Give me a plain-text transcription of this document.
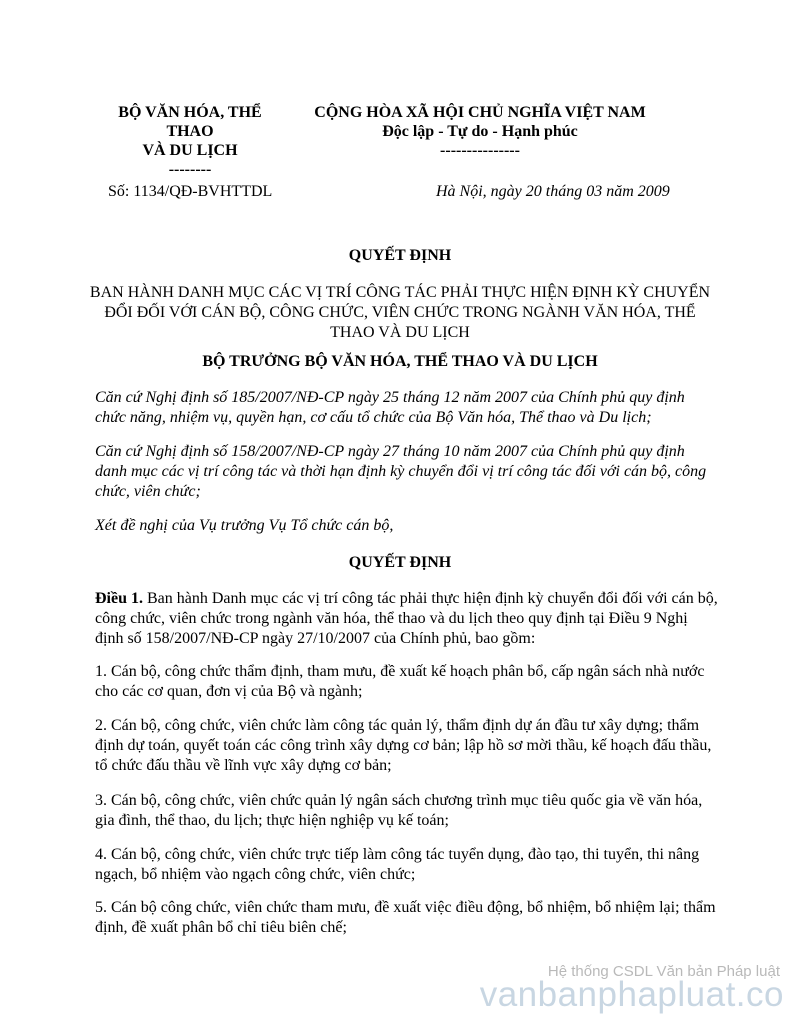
BỘ VĂN HÓA, THỂ
THAO
VÀ DU LỊCH
--------
CỘNG HÒA XÃ HỘI CHỦ NGHĨA VIỆT NAM
Độc lập - Tự do - Hạnh phúc
---------------
Số: 1134/QĐ-BVHTTDL	Hà Nội, ngày 20 tháng 03 năm 2009
QUYẾT ĐỊNH
BAN HÀNH DANH MỤC CÁC VỊ TRÍ CÔNG TÁC PHẢI THỰC HIỆN ĐỊNH KỲ CHUYỂN
ĐỔI ĐỐI VỚI CÁN BỘ, CÔNG CHỨC, VIÊN CHỨC TRONG NGÀNH VĂN HÓA, THỂ
THAO VÀ DU LỊCH
BỘ TRƯỞNG BỘ VĂN HÓA, THỂ THAO VÀ DU LỊCH
Căn cứ Nghị định số 185/2007/NĐ-CP ngày 25 tháng 12 năm 2007 của Chính phủ quy định
chức năng, nhiệm vụ, quyền hạn, cơ cấu tổ chức của Bộ Văn hóa, Thể thao và Du lịch;
Căn cứ Nghị định số 158/2007/NĐ-CP ngày 27 tháng 10 năm 2007 của Chính phủ quy định
danh mục các vị trí công tác và thời hạn định kỳ chuyển đổi vị trí công tác đối với cán bộ, công
chức, viên chức;
Xét đề nghị của Vụ trưởng Vụ Tổ chức cán bộ,
QUYẾT ĐỊNH
Điều 1. Ban hành Danh mục các vị trí công tác phải thực hiện định kỳ chuyển đổi đối với cán bộ,
công chức, viên chức trong ngành văn hóa, thể thao và du lịch theo quy định tại Điều 9 Nghị
định số 158/2007/NĐ-CP ngày 27/10/2007 của Chính phủ, bao gồm:
1. Cán bộ, công chức thẩm định, tham mưu, đề xuất kế hoạch phân bổ, cấp ngân sách nhà nước
cho các cơ quan, đơn vị của Bộ và ngành;
2. Cán bộ, công chức, viên chức làm công tác quản lý, thẩm định dự án đầu tư xây dựng; thẩm
định dự toán, quyết toán các công trình xây dựng cơ bản; lập hồ sơ mời thầu, kế hoạch đấu thầu,
tổ chức đấu thầu về lĩnh vực xây dựng cơ bản;
3. Cán bộ, công chức, viên chức quản lý ngân sách chương trình mục tiêu quốc gia về văn hóa,
gia đình, thể thao, du lịch; thực hiện nghiệp vụ kế toán;
4. Cán bộ, công chức, viên chức trực tiếp làm công tác tuyển dụng, đào tạo, thi tuyển, thi nâng
ngạch, bổ nhiệm vào ngạch công chức, viên chức;
5. Cán bộ công chức, viên chức tham mưu, đề xuất việc điều động, bổ nhiệm, bổ nhiệm lại; thẩm
định, đề xuất phân bổ chỉ tiêu biên chế;
Hệ thống CSDL Văn bản Pháp luật
vanbanphapluat.co
